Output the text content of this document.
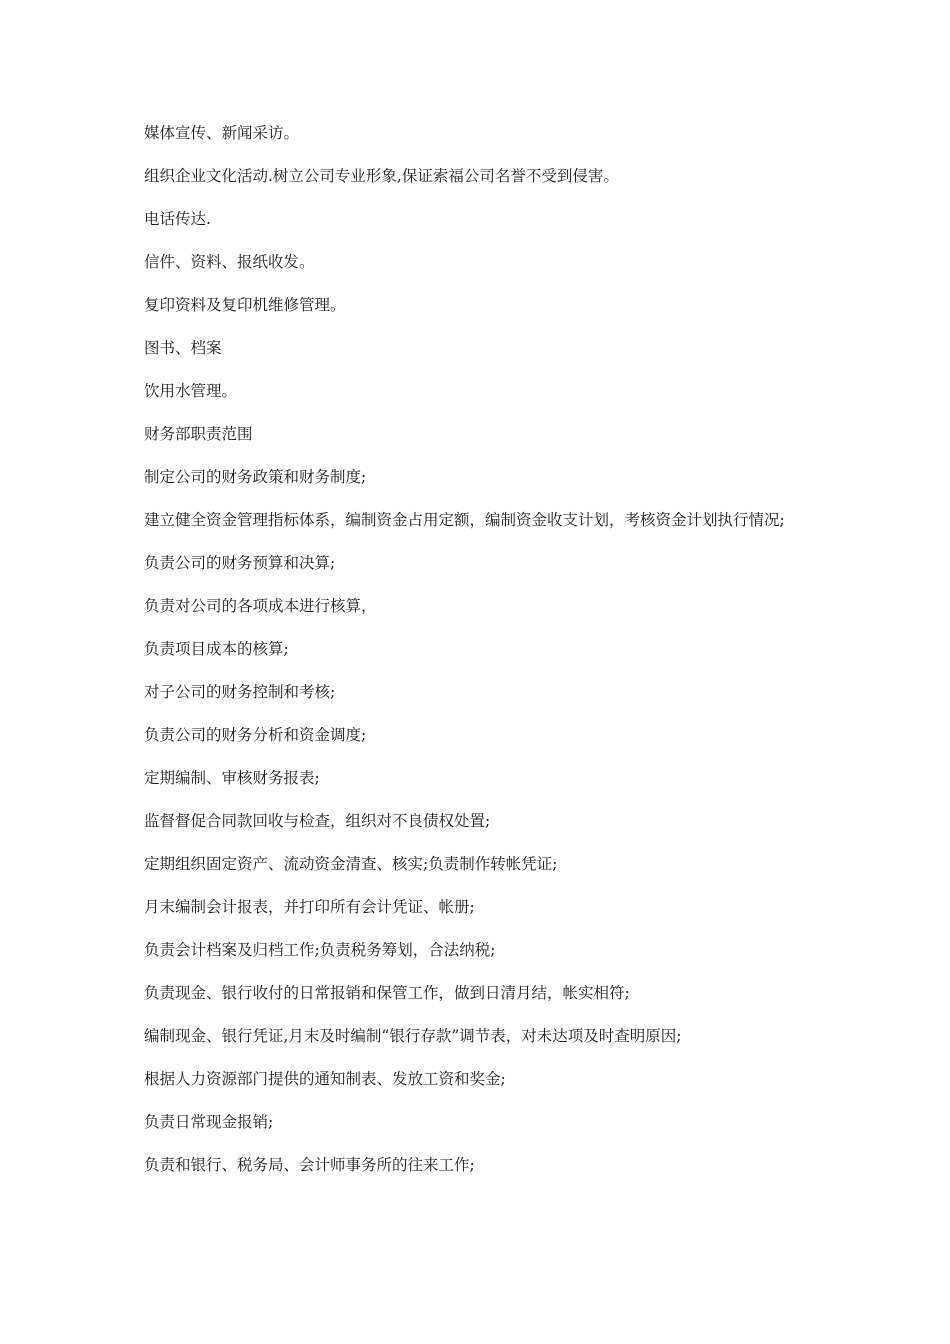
媒体宣传、新闻采访。

组织企业文化活动.树立公司专业形象,保证索福公司名誉不受到侵害。

电话传达.

信件、资料、报纸收发。

复印资料及复印机维修管理。

图书、档案

饮用水管理。

财务部职责范围

制定公司的财务政策和财务制度;

建立健全资金管理指标体系，编制资金占用定额，编制资金收支计划，考核资金计划执行情况;

负责公司的财务预算和决算;

负责对公司的各项成本进行核算，

负责项目成本的核算;

对子公司的财务控制和考核;

负责公司的财务分析和资金调度;

定期编制、审核财务报表;

监督督促合同款回收与检查，组织对不良债权处置;

定期组织固定资产、流动资金清查、核实;负责制作转帐凭证;

月末编制会计报表，并打印所有会计凭证、帐册;

负责会计档案及归档工作;负责税务筹划，合法纳税;

负责现金、银行收付的日常报销和保管工作，做到日清月结，帐实相符;

编制现金、银行凭证,月末及时编制“银行存款”调节表，对未达项及时查明原因;

根据人力资源部门提供的通知制表、发放工资和奖金;

负责日常现金报销;

负责和银行、税务局、会计师事务所的往来工作;
